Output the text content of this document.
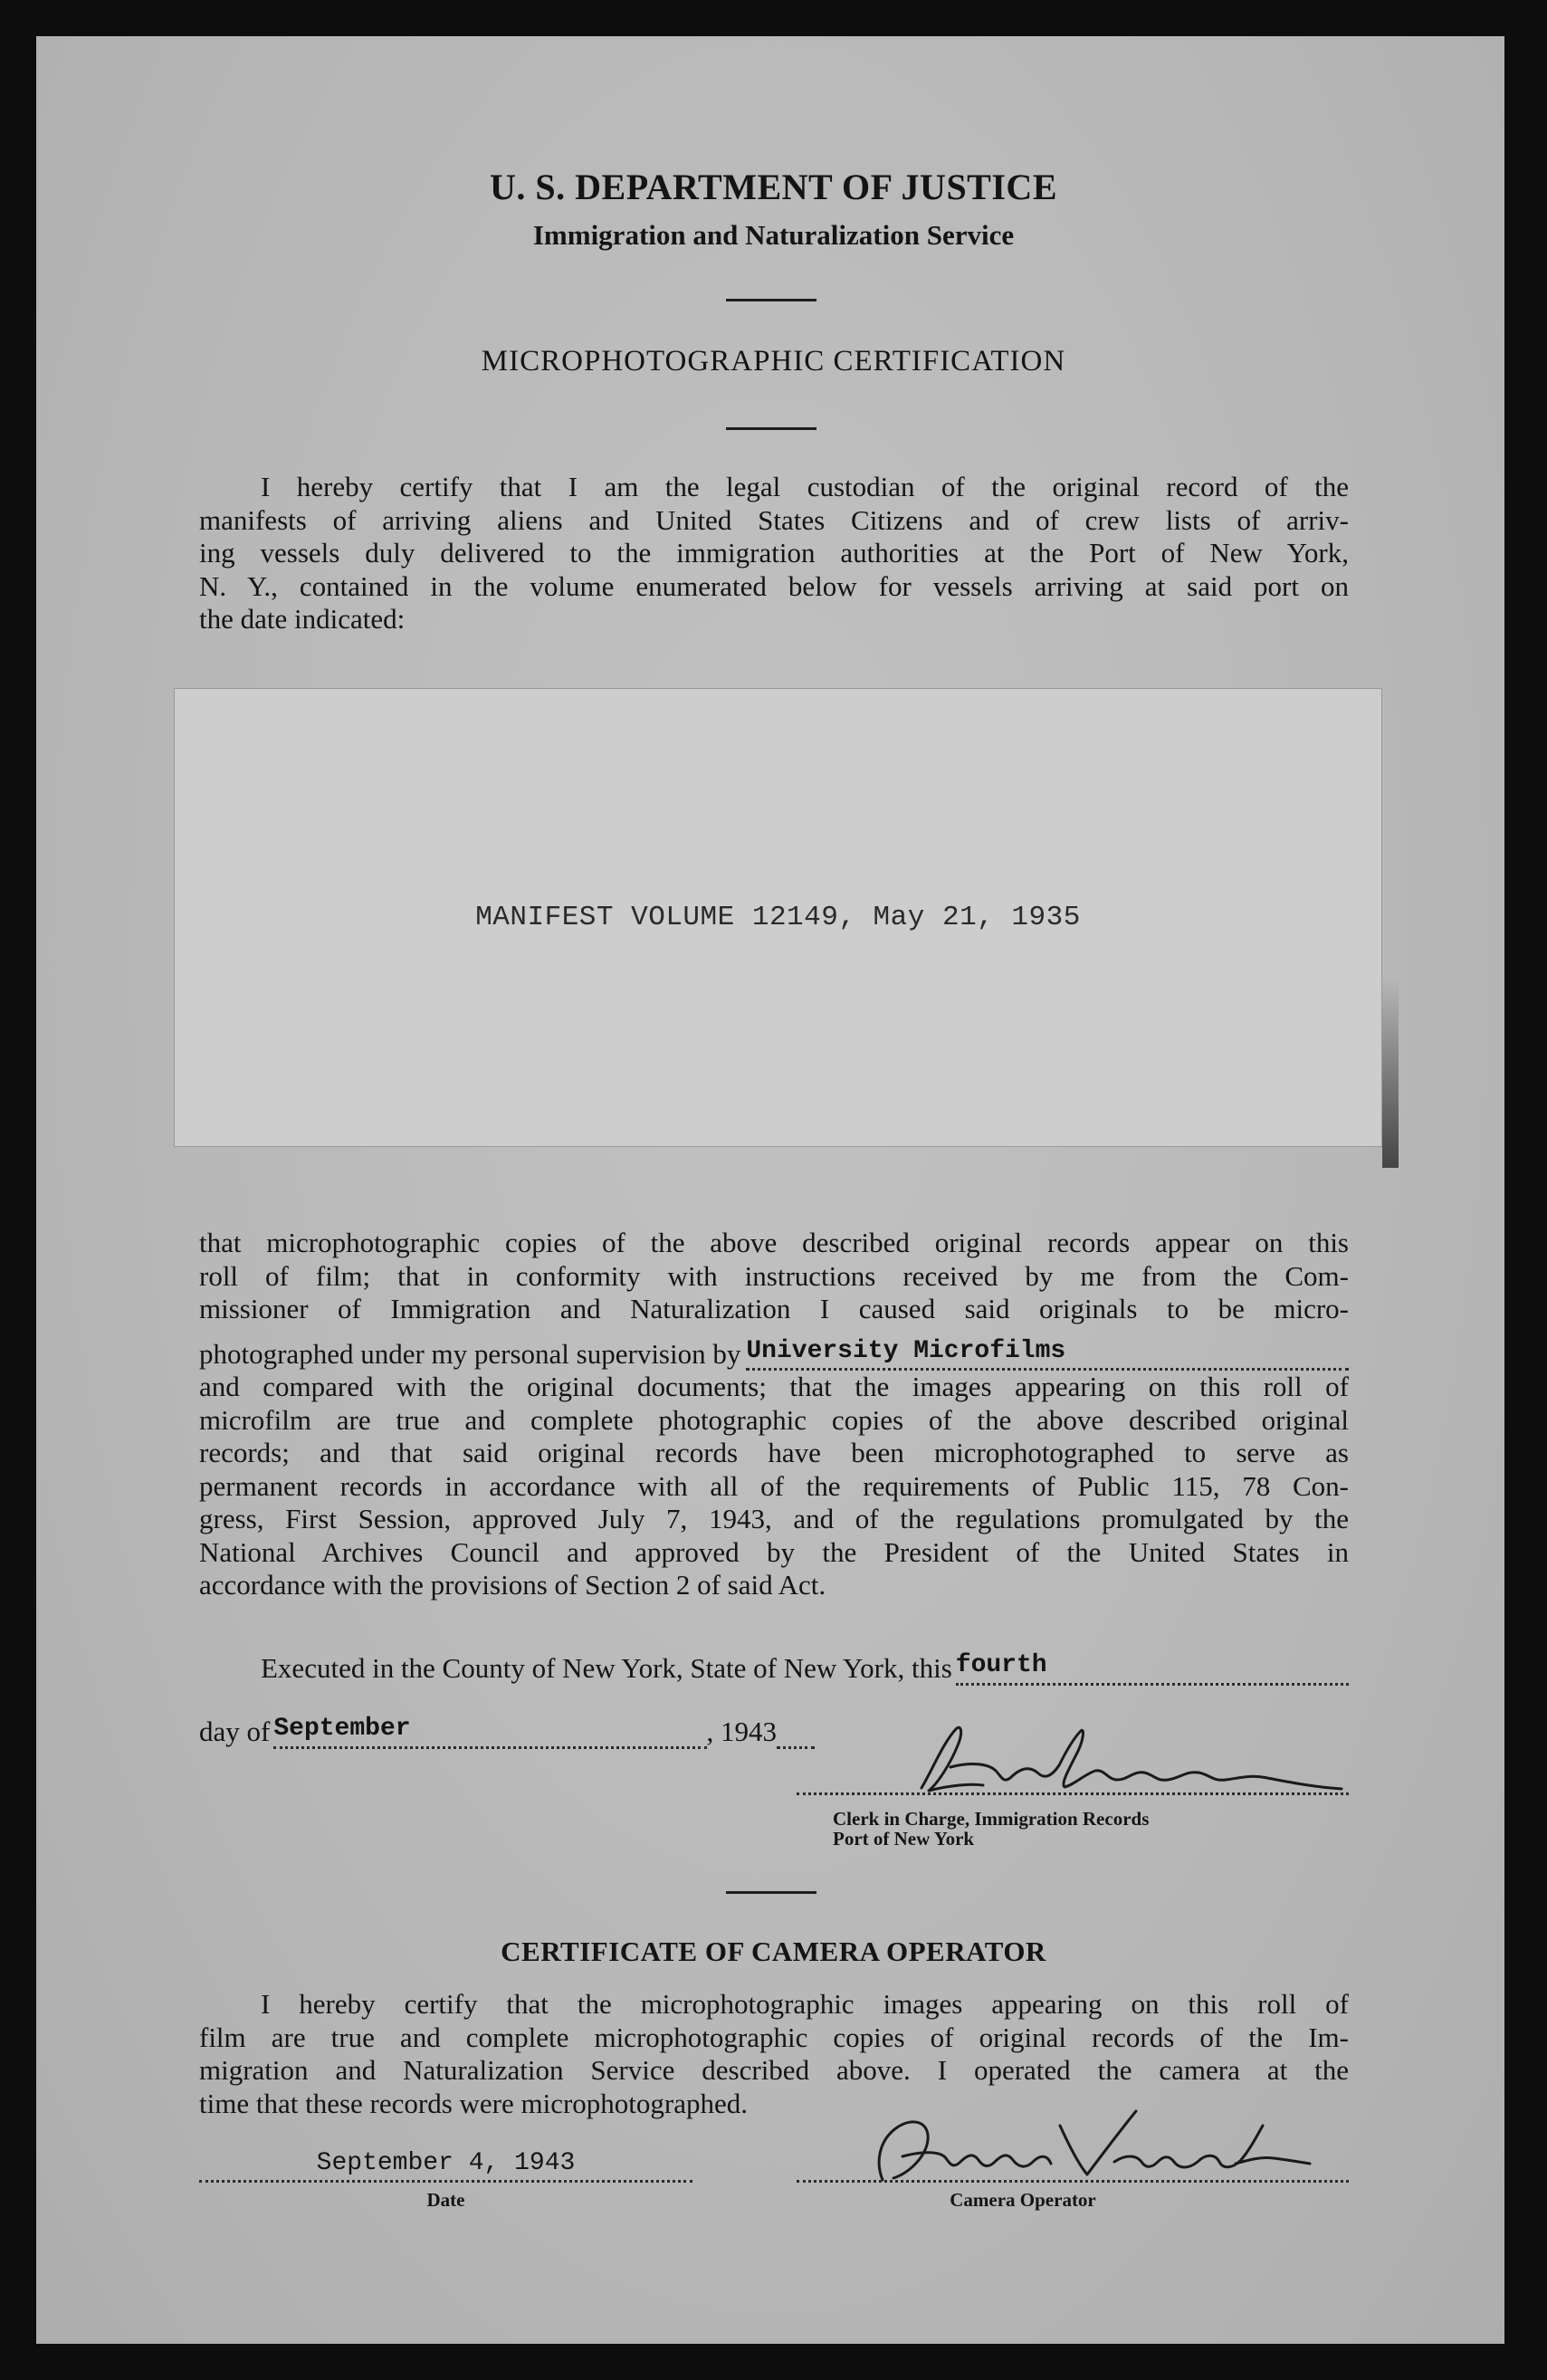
U. S. DEPARTMENT OF JUSTICE
Immigration and Naturalization Service
MICROPHOTOGRAPHIC CERTIFICATION
I hereby certify that I am the legal custodian of the original record of the
manifests of arriving aliens and United States Citizens and of crew lists of arriv-
ing vessels duly delivered to the immigration authorities at the Port of New York,
N. Y., contained in the volume enumerated below for vessels arriving at said port on
the date indicated:
MANIFEST VOLUME 12149, May 21, 1935
that microphotographic copies of the above described original records appear on this
roll of film; that in conformity with instructions received by me from the Com-
missioner of Immigration and Naturalization I caused said originals to be micro-
photographed under my personal supervision by University Microfilms
and compared with the original documents; that the images appearing on this roll of
microfilm are true and complete photographic copies of the above described original
records; and that said original records have been microphotographed to serve as
permanent records in accordance with all of the requirements of Public 115, 78 Con-
gress, First Session, approved July 7, 1943, and of the regulations promulgated by the
National Archives Council and approved by the President of the United States in
accordance with the provisions of Section 2 of said Act.
Executed in the County of New York, State of New York, this fourth
day of September	, 1943
Clerk in Charge, Immigration Records
Port of New York
CERTIFICATE OF CAMERA OPERATOR
I hereby certify that the microphotographic images appearing on this roll of
film are true and complete microphotographic copies of original records of the Im-
migration and Naturalization Service described above. I operated the camera at the
time that these records were microphotographed.
September 4, 1943
Date	Camera Operator
